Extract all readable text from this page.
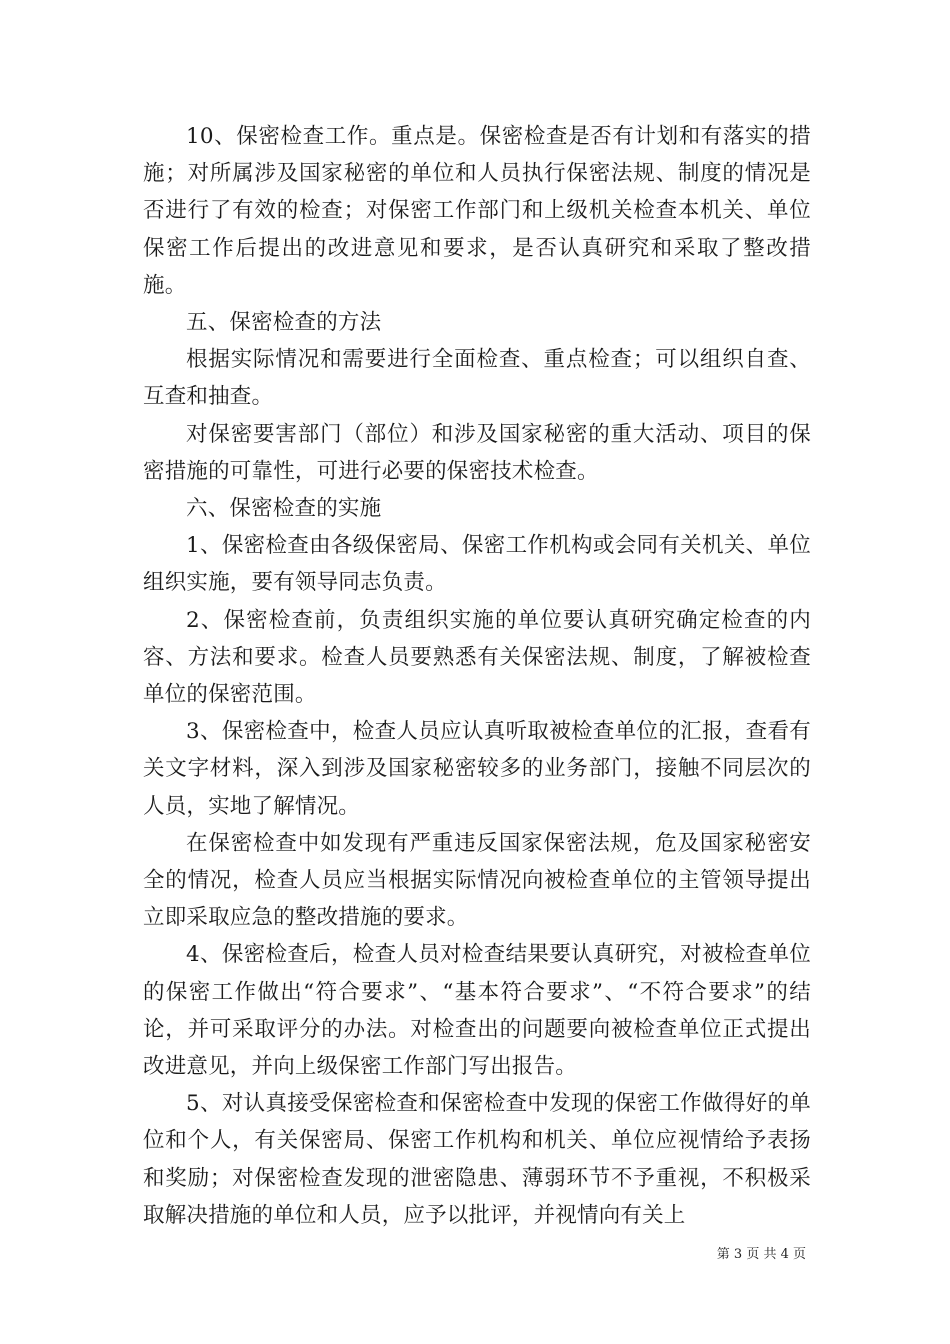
10、保密检查工作。重点是。保密检查是否有计划和有落实的措施；对所属涉及国家秘密的单位和人员执行保密法规、制度的情况是否进行了有效的检查；对保密工作部门和上级机关检查本机关、单位保密工作后提出的改进意见和要求，是否认真研究和采取了整改措施。

五、保密检查的方法

根据实际情况和需要进行全面检查、重点检查；可以组织自查、互查和抽查。

对保密要害部门（部位）和涉及国家秘密的重大活动、项目的保密措施的可靠性，可进行必要的保密技术检查。

六、保密检查的实施

1、保密检查由各级保密局、保密工作机构或会同有关机关、单位组织实施，要有领导同志负责。

2、保密检查前，负责组织实施的单位要认真研究确定检查的内容、方法和要求。检查人员要熟悉有关保密法规、制度，了解被检查单位的保密范围。

3、保密检查中，检查人员应认真听取被检查单位的汇报，查看有关文字材料，深入到涉及国家秘密较多的业务部门，接触不同层次的人员，实地了解情况。

在保密检查中如发现有严重违反国家保密法规，危及国家秘密安全的情况，检查人员应当根据实际情况向被检查单位的主管领导提出立即采取应急的整改措施的要求。

4、保密检查后，检查人员对检查结果要认真研究，对被检查单位的保密工作做出“符合要求”、“基本符合要求”、“不符合要求”的结论，并可采取评分的办法。对检查出的问题要向被检查单位正式提出改进意见，并向上级保密工作部门写出报告。

5、对认真接受保密检查和保密检查中发现的保密工作做得好的单位和个人，有关保密局、保密工作机构和机关、单位应视情给予表扬和奖励；对保密检查发现的泄密隐患、薄弱环节不予重视，不积极采取解决措施的单位和人员，应予以批评，并视情向有关上

第 3 页 共 4 页
